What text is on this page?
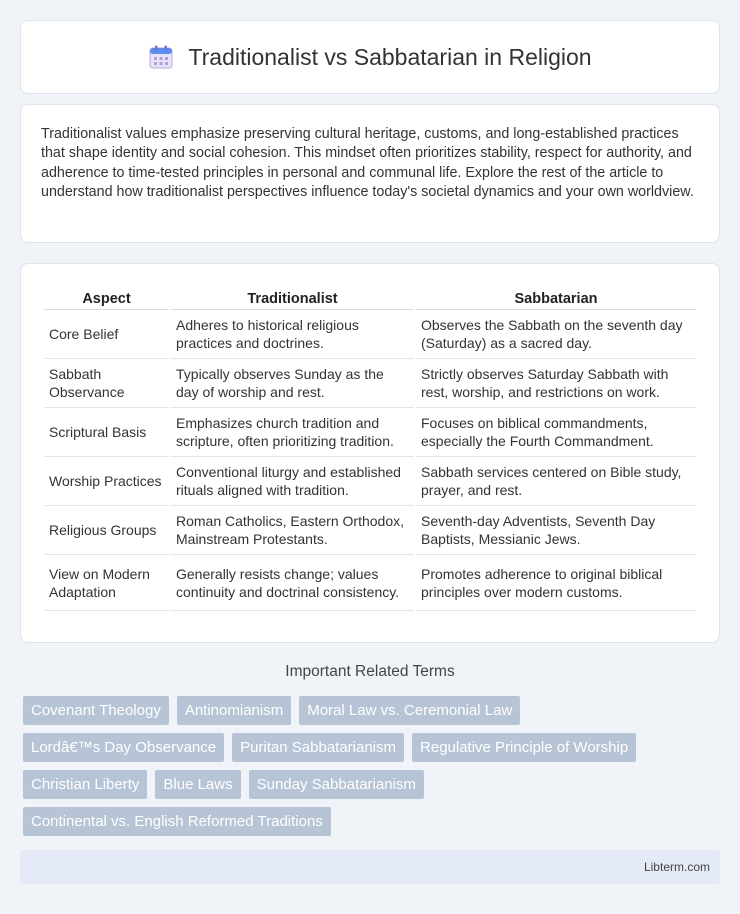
Traditionalist vs Sabbatarian in Religion

Traditionalist values emphasize preserving cultural heritage, customs, and long-established practices that shape identity and social cohesion. This mindset often prioritizes stability, respect for authority, and adherence to time-tested principles in personal and communal life. Explore the rest of the article to understand how traditionalist perspectives influence today's societal dynamics and your own worldview.

Aspect	Traditionalist	Sabbatarian
Core Belief	Adheres to historical religious practices and doctrines.	Observes the Sabbath on the seventh day (Saturday) as a sacred day.
Sabbath Observance	Typically observes Sunday as the day of worship and rest.	Strictly observes Saturday Sabbath with rest, worship, and restrictions on work.
Scriptural Basis	Emphasizes church tradition and scripture, often prioritizing tradition.	Focuses on biblical commandments, especially the Fourth Commandment.
Worship Practices	Conventional liturgy and established rituals aligned with tradition.	Sabbath services centered on Bible study, prayer, and rest.
Religious Groups	Roman Catholics, Eastern Orthodox, Mainstream Protestants.	Seventh-day Adventists, Seventh Day Baptists, Messianic Jews.
View on Modern Adaptation	Generally resists change; values continuity and doctrinal consistency.	Promotes adherence to original biblical principles over modern customs.
Important Related Terms
Covenant Theology	Antinomianism	Moral Law vs. Ceremonial Law
Lordâ€™s Day Observance	Puritan Sabbatarianism	Regulative Principle of Worship
Christian Liberty	Blue Laws	Sunday Sabbatarianism
Continental vs. English Reformed Traditions
Libterm.com
